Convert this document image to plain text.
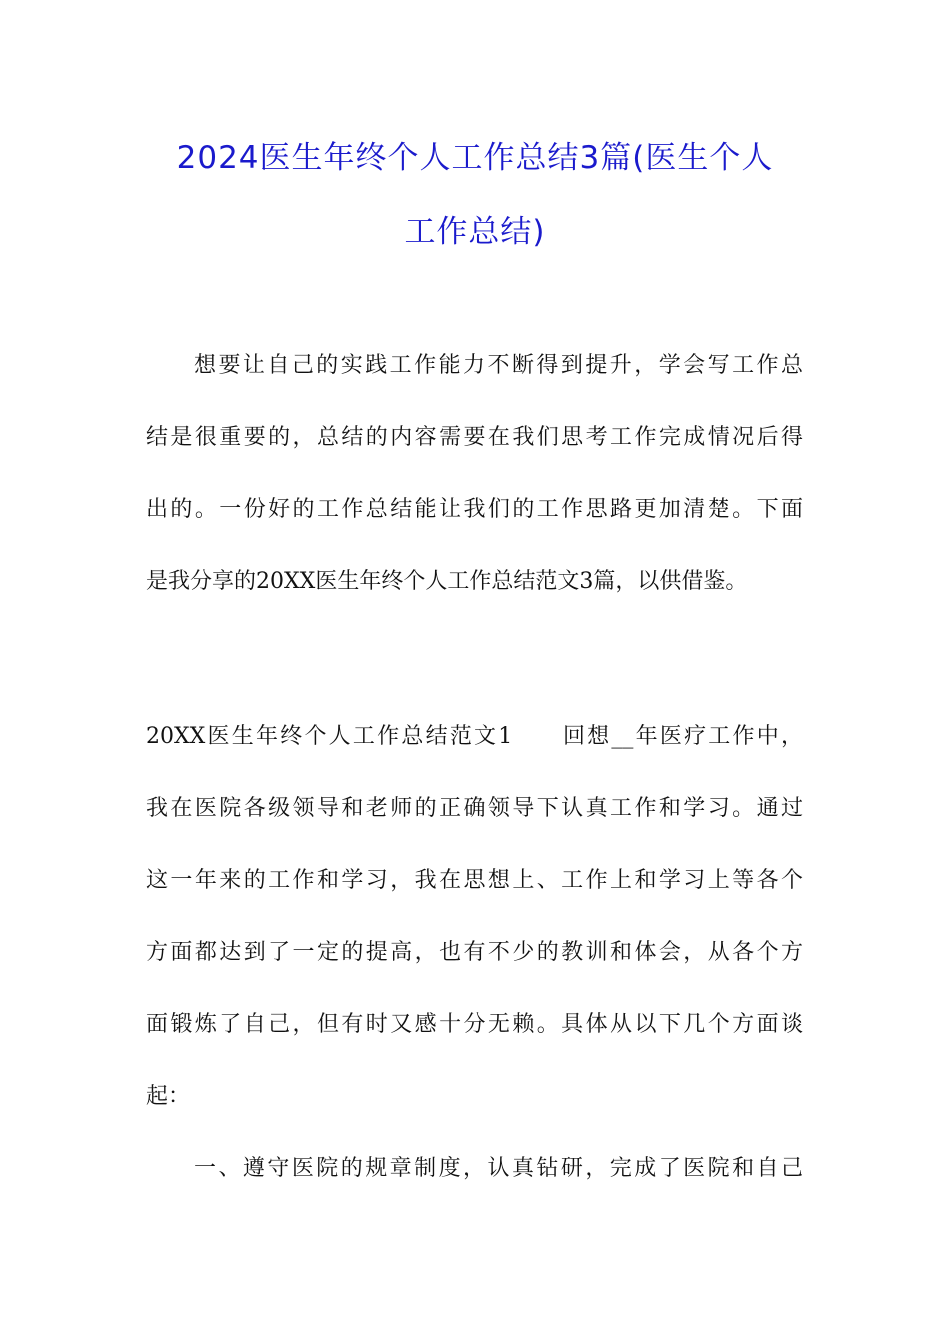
2024医生年终个人工作总结3篇(医生个人
工作总结)
想要让自己的实践工作能力不断得到提升，学会写工作总
结是很重要的，总结的内容需要在我们思考工作完成情况后得
出的。一份好的工作总结能让我们的工作思路更加清楚。下面
是我分享的20XX医生年终个人工作总结范文3篇，以供借鉴。
20XX医生年终个人工作总结范文1　　回想__年医疗工作中，
我在医院各级领导和老师的正确领导下认真工作和学习。通过
这一年来的工作和学习，我在思想上、工作上和学习上等各个
方面都达到了一定的提高，也有不少的教训和体会，从各个方
面锻炼了自己，但有时又感十分无赖。具体从以下几个方面谈
起：
一、遵守医院的规章制度，认真钻研，完成了医院和自己
